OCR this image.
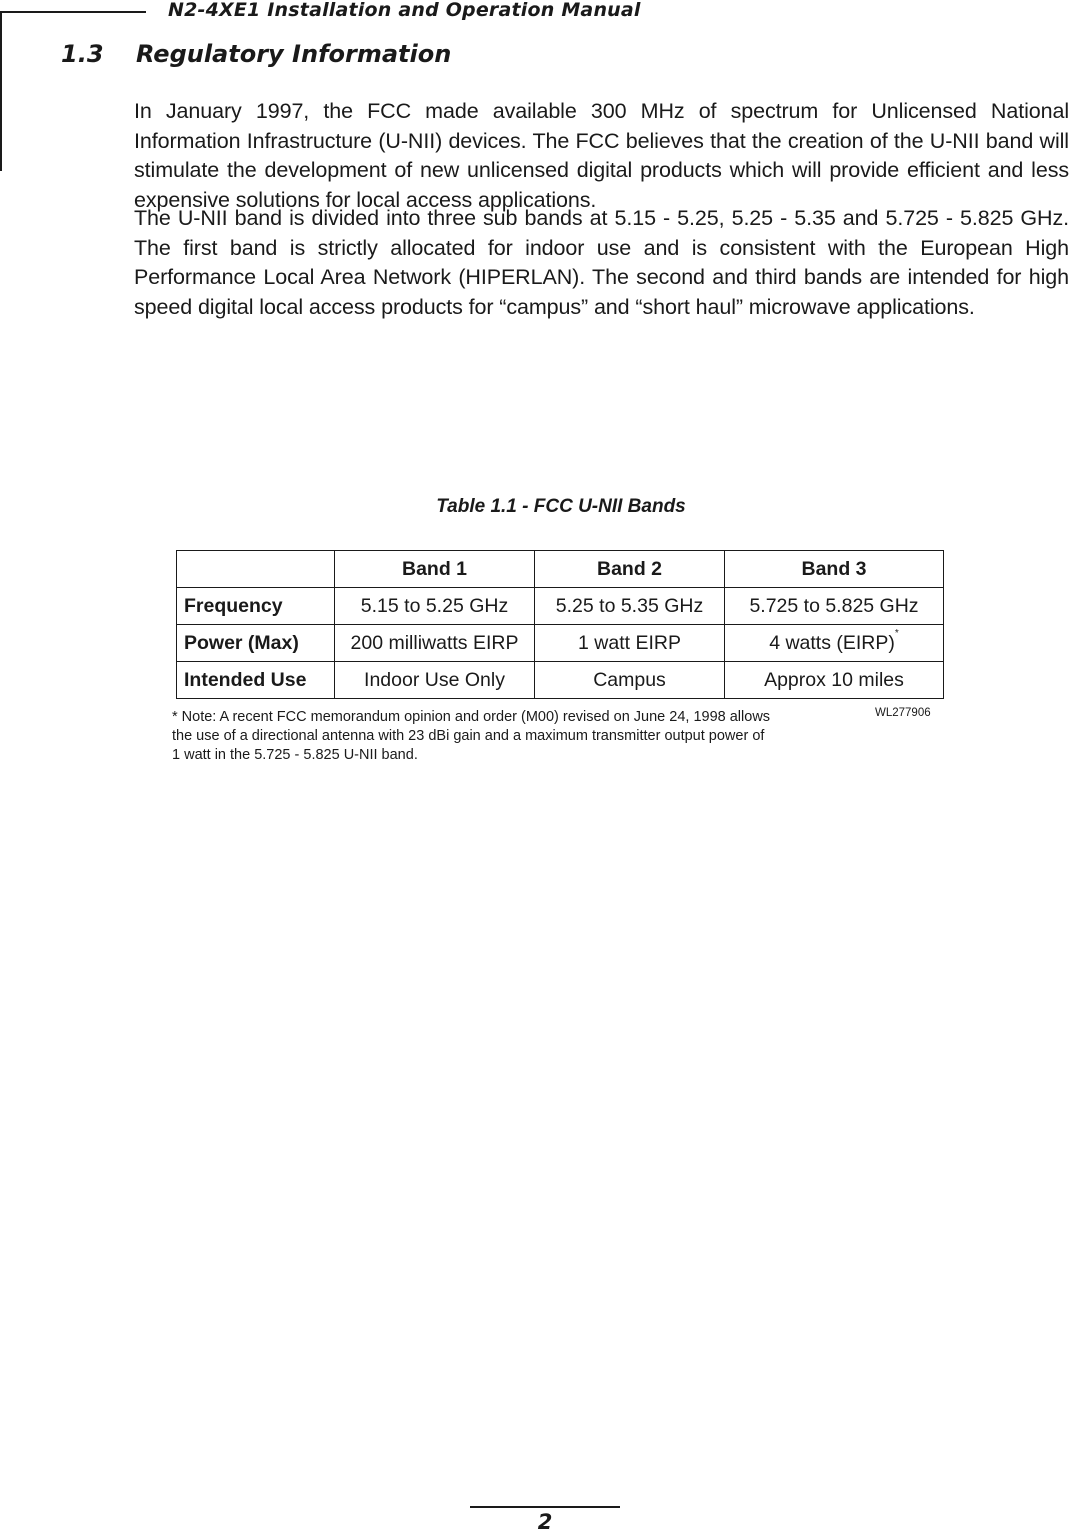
N2-4XE1 Installation and Operation Manual
1.3 Regulatory Information

In January 1997, the FCC made available 300 MHz of spectrum for Unlicensed National Information Infrastructure (U-NII) devices. The FCC believes that the creation of the U-NII band will stimulate the development of new unlicensed digital products which will provide efficient and less expensive solutions for local access applications.

The U-NII band is divided into three sub bands at 5.15 - 5.25, 5.25 - 5.35 and 5.725 - 5.825 GHz. The first band is strictly allocated for indoor use and is consistent with the European High Performance Local Area Network (HIPERLAN). The second and third bands are intended for high speed digital local access products for “campus” and “short haul” microwave applications.

Table 1.1 - FCC U-NII Bands
	Band 1	Band 2	Band 3
Frequency	5.15 to 5.25 GHz	5.25 to 5.35 GHz	5.725 to 5.825 GHz
Power (Max)	200 milliwatts EIRP	1 watt EIRP	4 watts (EIRP)*
Intended Use	Indoor Use Only	Campus	Approx 10 miles

* Note: A recent FCC memorandum opinion and order (M00) revised on June 24, 1998 allows
the use of a directional antenna with 23 dBi gain and a maximum transmitter output power of
1 watt in the 5.725 - 5.825 U-NII band.

WL277906
2
